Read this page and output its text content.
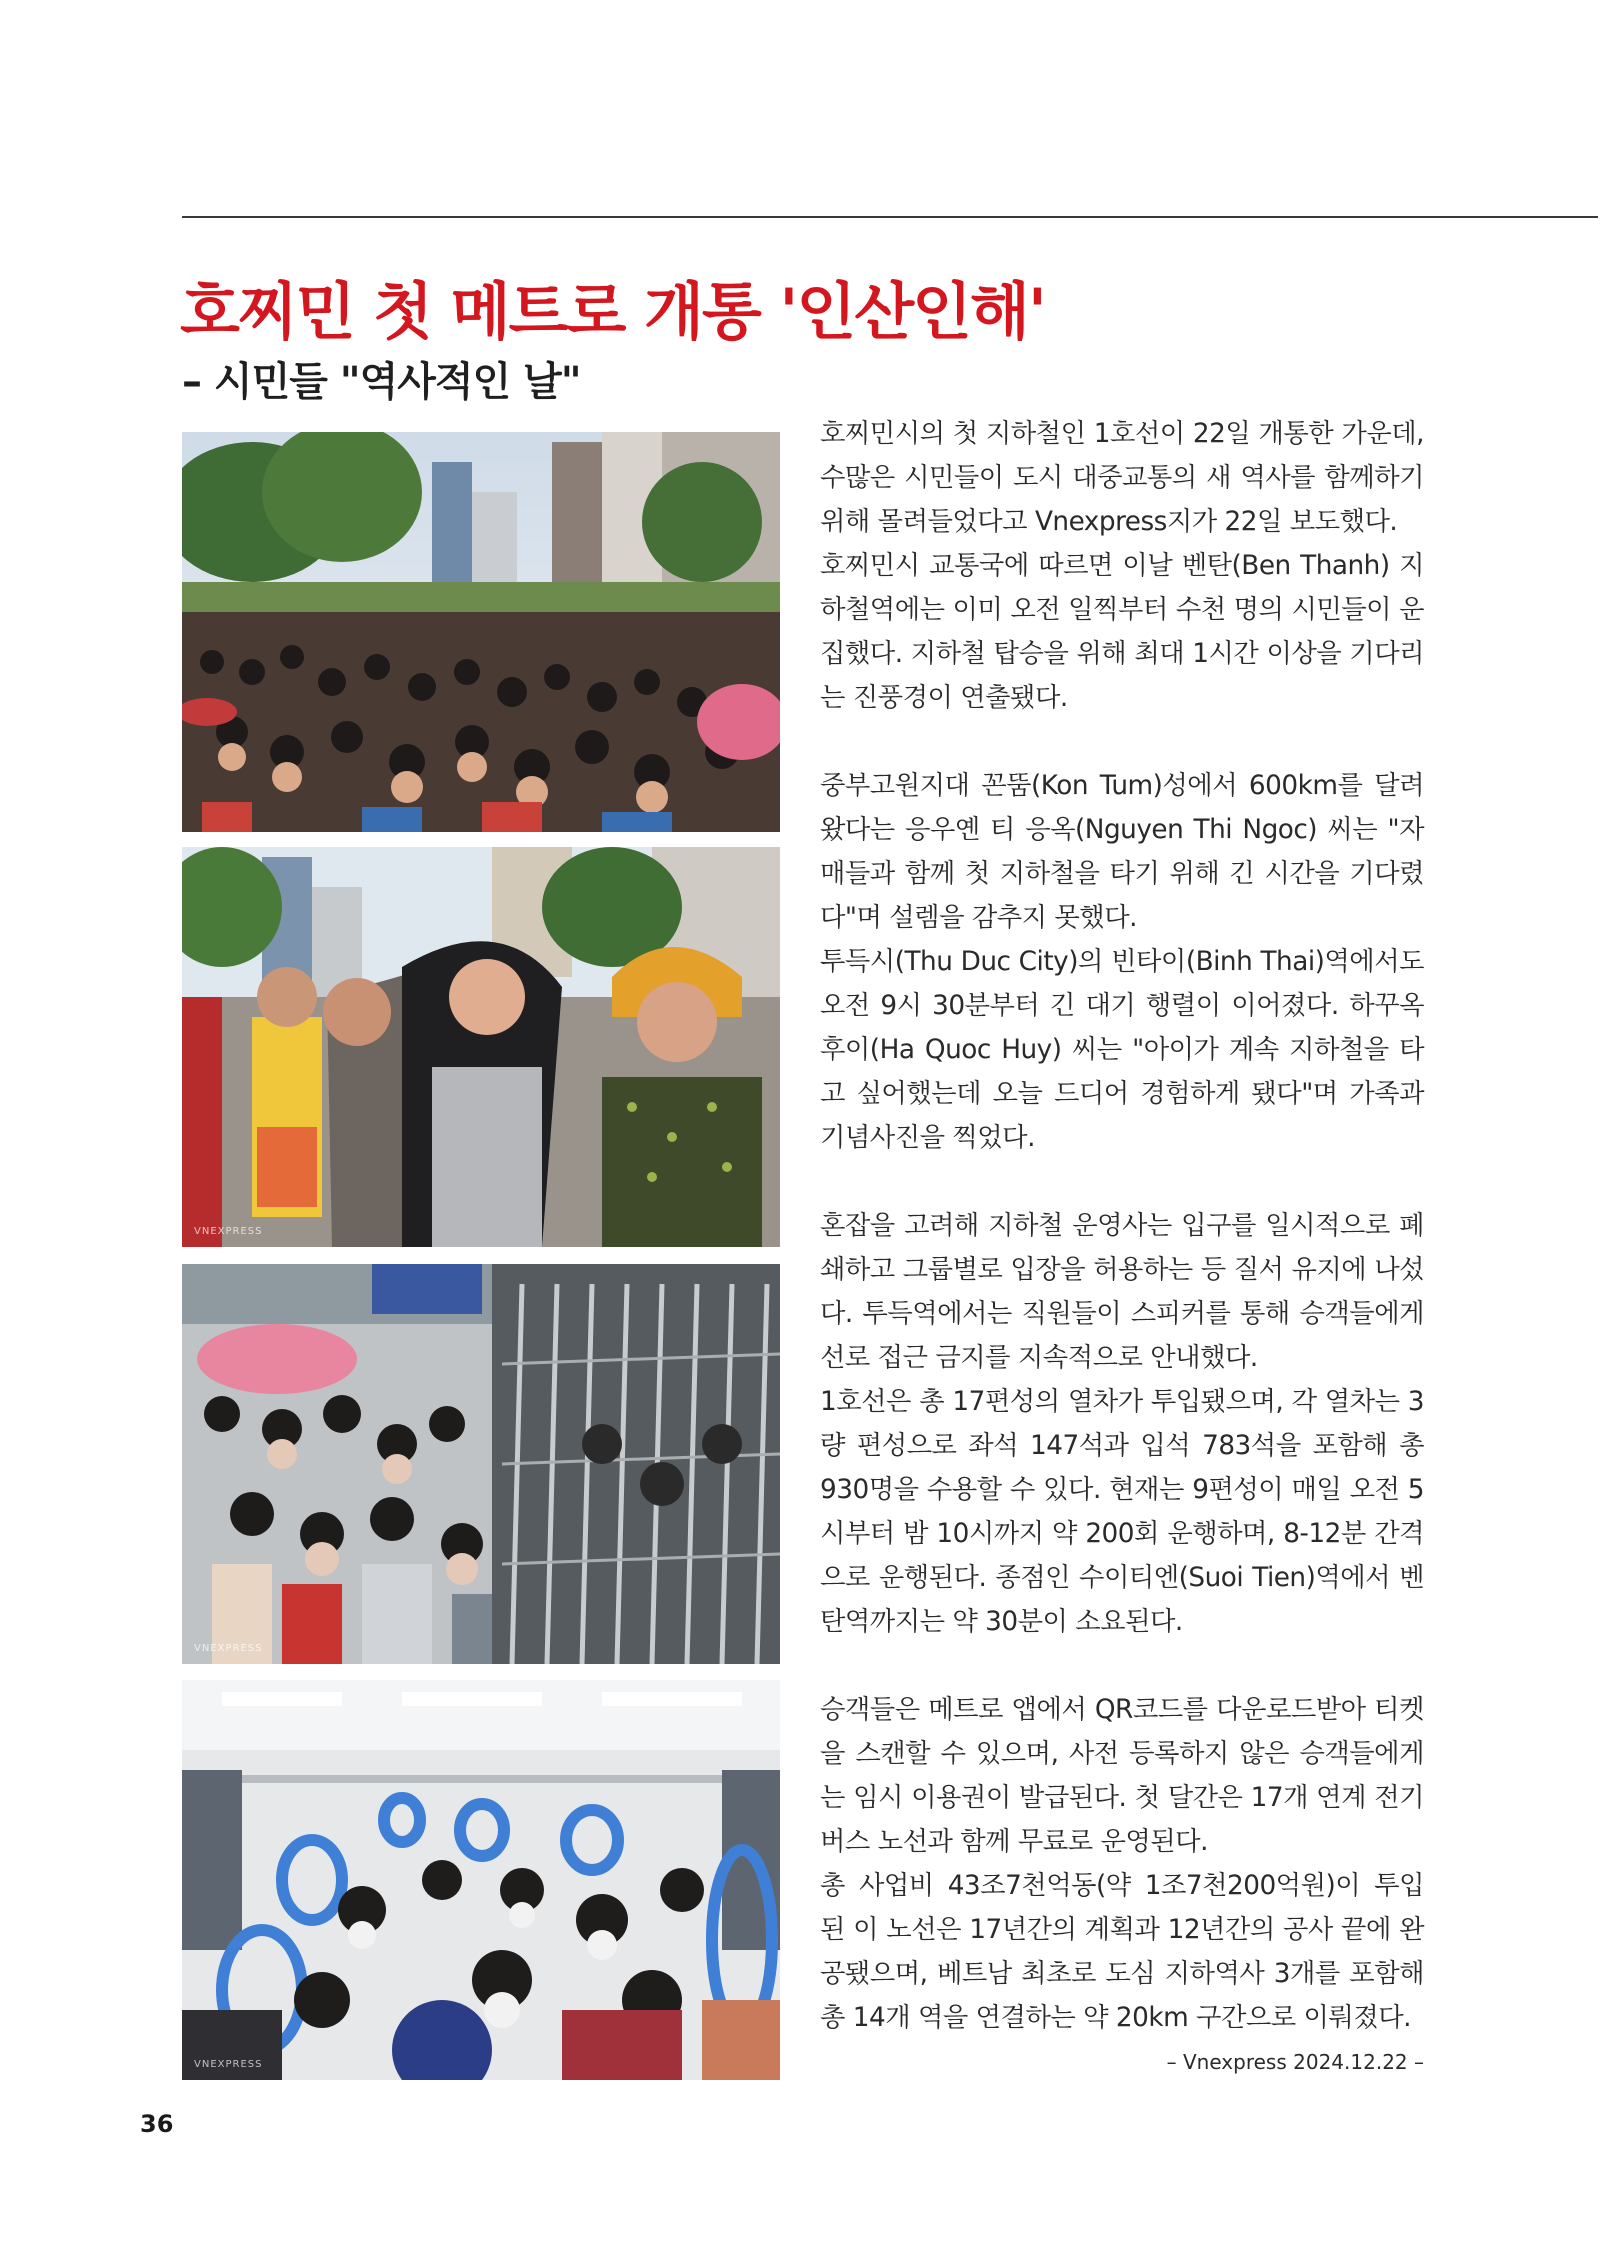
호찌민 첫 메트로 개통 '인산인해'
– 시민들 "역사적인 날"
VNEXPRESS
VNEXPRESS
VNEXPRESS

호찌민시의 첫 지하철인 1호선이 22일 개통한 가운데, 수많은 시민들이 도시 대중교통의 새 역사를 함께하기 위해 몰려들었다고 Vnexpress지가 22일 보도했다.

호찌민시 교통국에 따르면 이날 벤탄(Ben Thanh) 지하철역에는 이미 오전 일찍부터 수천 명의 시민들이 운집했다. 지하철 탑승을 위해 최대 1시간 이상을 기다리는 진풍경이 연출됐다.

중부고원지대 꼰뚬(Kon Tum)성에서 600km를 달려왔다는 응우옌 티 응옥(Nguyen Thi Ngoc) 씨는 "자매들과 함께 첫 지하철을 타기 위해 긴 시간을 기다렸다"며 설렘을 감추지 못했다.

투득시(Thu Duc City)의 빈타이(Binh Thai)역에서도 오전 9시 30분부터 긴 대기 행렬이 이어졌다. 하꾸옥후이(Ha Quoc Huy) 씨는 "아이가 계속 지하철을 타고 싶어했는데 오늘 드디어 경험하게 됐다"며 가족과 기념사진을 찍었다.

혼잡을 고려해 지하철 운영사는 입구를 일시적으로 폐쇄하고 그룹별로 입장을 허용하는 등 질서 유지에 나섰다. 투득역에서는 직원들이 스피커를 통해 승객들에게 선로 접근 금지를 지속적으로 안내했다.

1호선은 총 17편성의 열차가 투입됐으며, 각 열차는 3량 편성으로 좌석 147석과 입석 783석을 포함해 총 930명을 수용할 수 있다. 현재는 9편성이 매일 오전 5시부터 밤 10시까지 약 200회 운행하며, 8-12분 간격으로 운행된다. 종점인 수이티엔(Suoi Tien)역에서 벤탄역까지는 약 30분이 소요된다.

승객들은 메트로 앱에서 QR코드를 다운로드받아 티켓을 스캔할 수 있으며, 사전 등록하지 않은 승객들에게는 임시 이용권이 발급된다. 첫 달간은 17개 연계 전기버스 노선과 함께 무료로 운영된다.

총 사업비 43조7천억동(약 1조7천200억원)이 투입된 이 노선은 17년간의 계획과 12년간의 공사 끝에 완공됐으며, 베트남 최초로 도심 지하역사 3개를 포함해 총 14개 역을 연결하는 약 20km 구간으로 이뤄졌다.

– Vnexpress 2024.12.22 –
36
